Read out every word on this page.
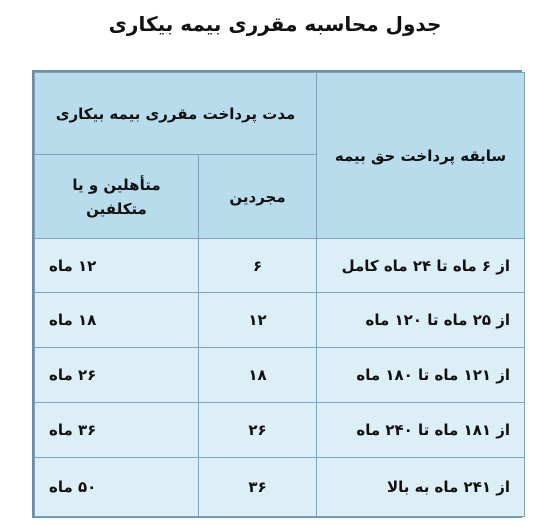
جدول محاسبه مقرری بیمه بیکاری
سابقه پرداخت حق بیمه	مدت پرداخت مقرری بیمه بیکاری	
	مجردین	متأهلین و یا متکلفین
از ۶ ماه تا ۲۴ ماه کامل	۶	۱۲ ماه
از ۲۵ ماه تا ۱۲۰ ماه	۱۲	۱۸ ماه
از ۱۲۱ ماه تا ۱۸۰ ماه	۱۸	۲۶ ماه
از ۱۸۱ ماه تا ۲۴۰ ماه	۲۶	۳۶ ماه
از ۲۴۱ ماه به بالا	۳۶	۵۰ ماه
